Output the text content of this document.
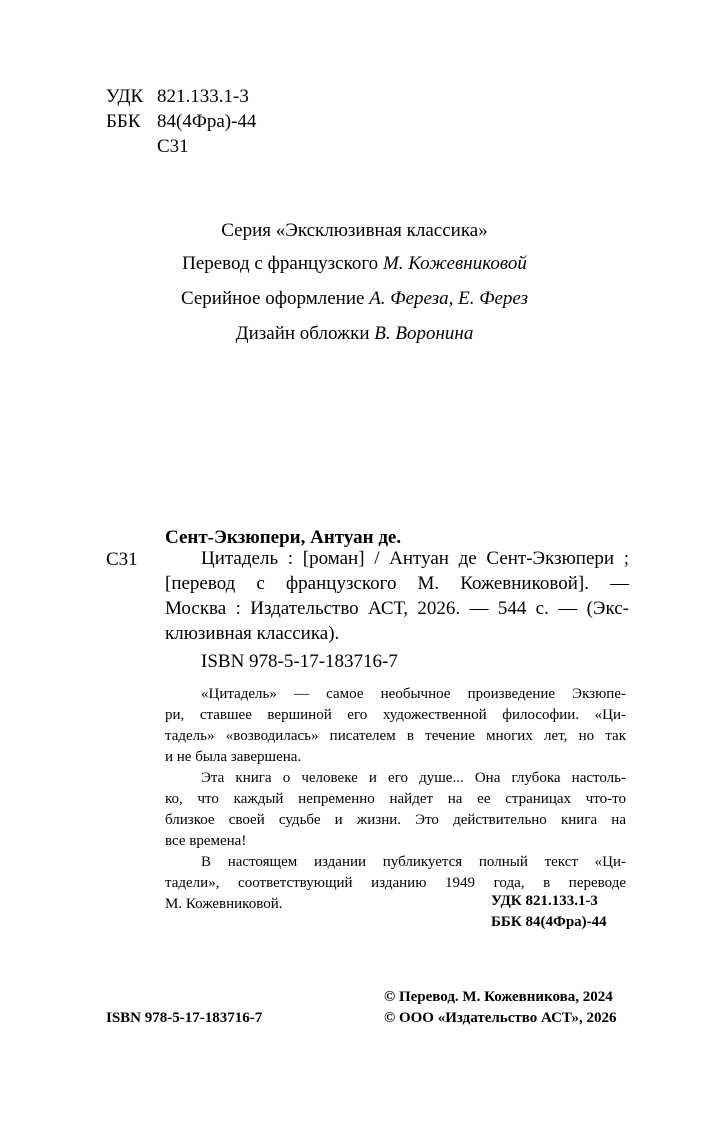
УДК 821.133.1-3
ББК 84(4Фра)-44
С31
Серия «Эксклюзивная классика»
Перевод с французского М. Кожевниковой
Серийное оформление А. Фереза, Е. Ферез
Дизайн обложки В. Воронина
Сент-Экзюпери, Антуан де.
С31	Цитадель : [роман] / Антуан де Сент-Экзюпери ;
[перевод с французского М. Кожевниковой]. —
Москва : Издательство АСТ, 2026. — 544 с. — (Экс-
клюзивная классика).
ISBN 978-5-17-183716-7
«Цитадель» — самое необычное произведение Экзюпе-
ри, ставшее вершиной его художественной философии. «Ци-
тадель» «возводилась» писателем в течение многих лет, но так
и не была завершена.
Эта книга о человеке и его душе... Она глубока настоль-
ко, что каждый непременно найдет на ее страницах что-то
близкое своей судьбе и жизни. Это действительно книга на
все времена!
В настоящем издании публикуется полный текст «Ци-
тадели», соответствующий изданию 1949 года, в переводе
М. Кожевниковой.	УДК 821.133.1-3
ББК 84(4Фра)-44
© Перевод. М. Кожевникова, 2024
ISBN 978-5-17-183716-7	© ООО «Издательство АСТ», 2026
